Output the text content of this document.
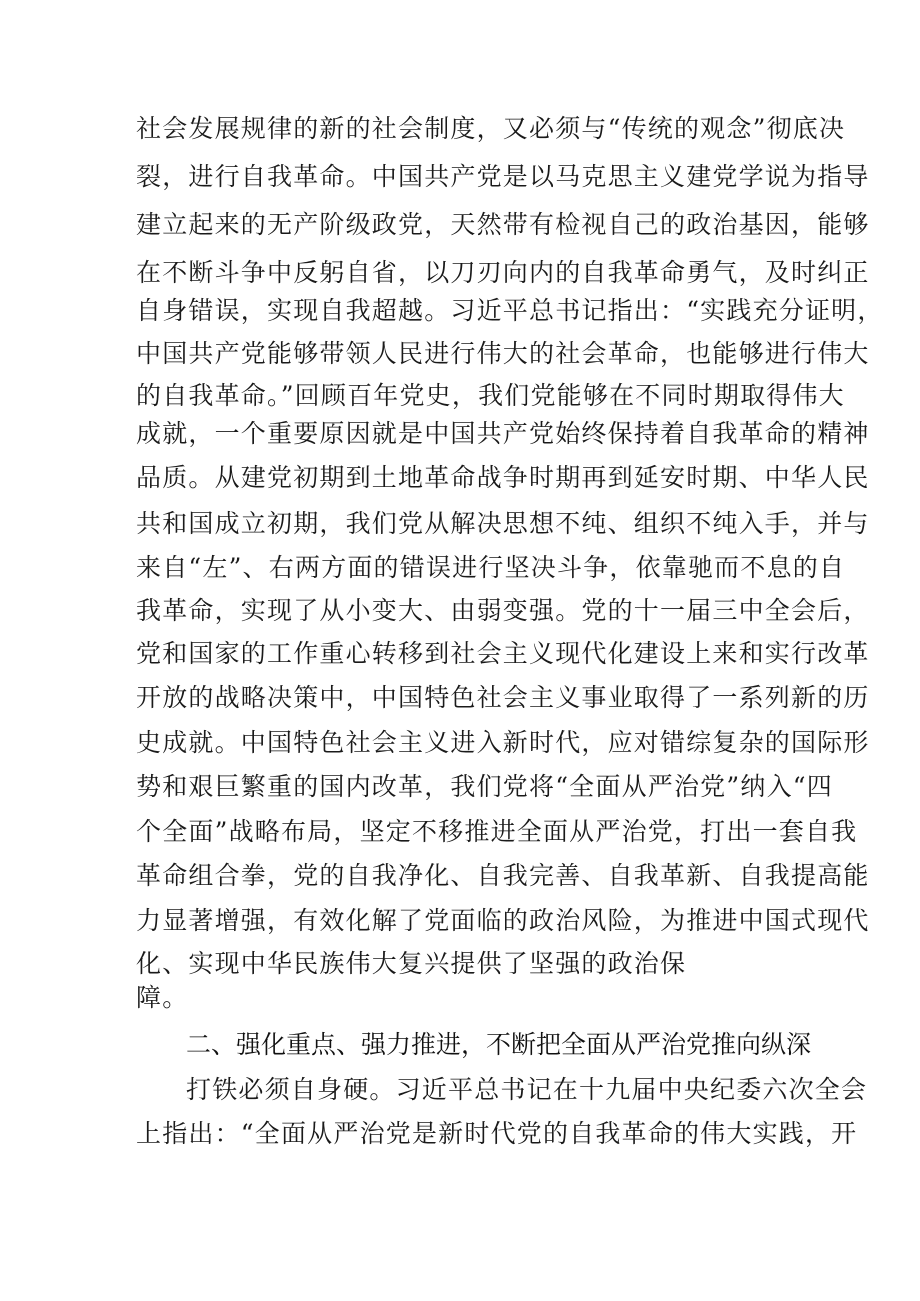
社会发展规律的新的社会制度，又必须与“传统的观念”彻底决
裂，进行自我革命。中国共产党是以马克思主义建党学说为指导
建立起来的无产阶级政党，天然带有检视自己的政治基因，能够
在不断斗争中反躬自省，以刀刃向内的自我革命勇气，及时纠正
自身错误，实现自我超越。习近平总书记指出：“实践充分证明，
中国共产党能够带领人民进行伟大的社会革命，也能够进行伟大
的自我革命。”回顾百年党史，我们党能够在不同时期取得伟大
成就，一个重要原因就是中国共产党始终保持着自我革命的精神
品质。从建党初期到土地革命战争时期再到延安时期、中华人民
共和国成立初期，我们党从解决思想不纯、组织不纯入手，并与
来自“左”、右两方面的错误进行坚决斗争，依靠驰而不息的自
我革命，实现了从小变大、由弱变强。党的十一届三中全会后，
党和国家的工作重心转移到社会主义现代化建设上来和实行改革
开放的战略决策中，中国特色社会主义事业取得了一系列新的历
史成就。中国特色社会主义进入新时代，应对错综复杂的国际形
势和艰巨繁重的国内改革，我们党将“全面从严治党”纳入“四
个全面”战略布局，坚定不移推进全面从严治党，打出一套自我
革命组合拳，党的自我净化、自我完善、自我革新、自我提高能
力显著增强，有效化解了党面临的政治风险，为推进中国式现代
化、实现中华民族伟大复兴提供了坚强的政治保
障。
二、强化重点、强力推进，不断把全面从严治党推向纵深
打铁必须自身硬。习近平总书记在十九届中央纪委六次全会
上指出：“全面从严治党是新时代党的自我革命的伟大实践，开
